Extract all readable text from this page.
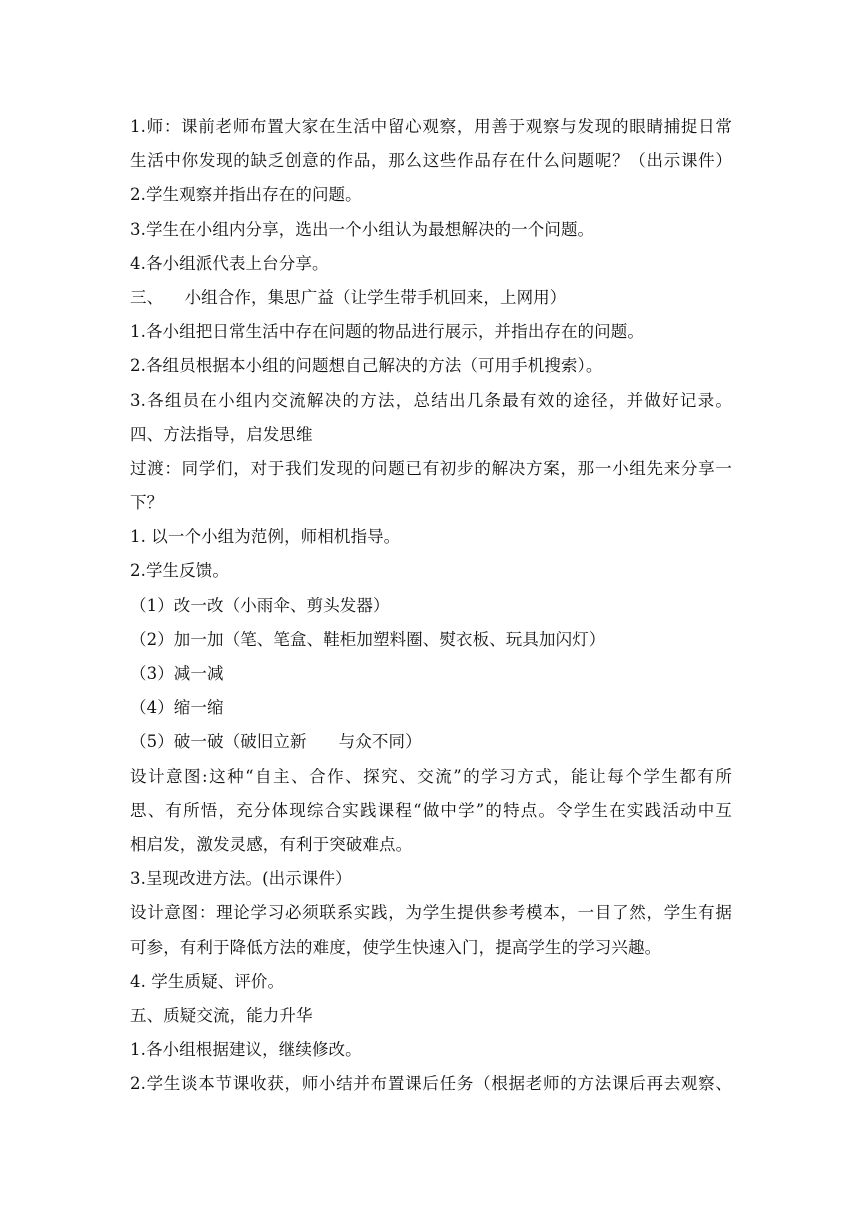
1.师：课前老师布置大家在生活中留心观察，用善于观察与发现的眼睛捕捉日常
生活中你发现的缺乏创意的作品，那么这些作品存在什么问题呢？（出示课件）
2.学生观察并指出存在的问题。
3.学生在小组内分享，选出一个小组认为最想解决的一个问题。
4.各小组派代表上台分享。
三、    小组合作，集思广益（让学生带手机回来，上网用）
1.各小组把日常生活中存在问题的物品进行展示，并指出存在的问题。
2.各组员根据本小组的问题想自己解决的方法（可用手机搜索）。
3.各组员在小组内交流解决的方法，总结出几条最有效的途径，并做好记录。
四、方法指导，启发思维
过渡：同学们，对于我们发现的问题已有初步的解决方案，那一小组先来分享一
下？
1. 以一个小组为范例，师相机指导。
2.学生反馈。
（1）改一改（小雨伞、剪头发器）
（2）加一加（笔、笔盒、鞋柜加塑料圈、熨衣板、玩具加闪灯）
（3）减一减
（4）缩一缩
（5）破一破（破旧立新      与众不同）
设计意图:这种“自主、合作、探究、交流”的学习方式，能让每个学生都有所
思、有所悟，充分体现综合实践课程“做中学”的特点。令学生在实践活动中互
相启发，激发灵感，有利于突破难点。
3.呈现改进方法。(出示课件）
设计意图：理论学习必须联系实践，为学生提供参考模本，一目了然，学生有据
可参，有利于降低方法的难度，使学生快速入门，提高学生的学习兴趣。
4. 学生质疑、评价。
五、质疑交流，能力升华
1.各小组根据建议，继续修改。
2.学生谈本节课收获，师小结并布置课后任务（根据老师的方法课后再去观察、
